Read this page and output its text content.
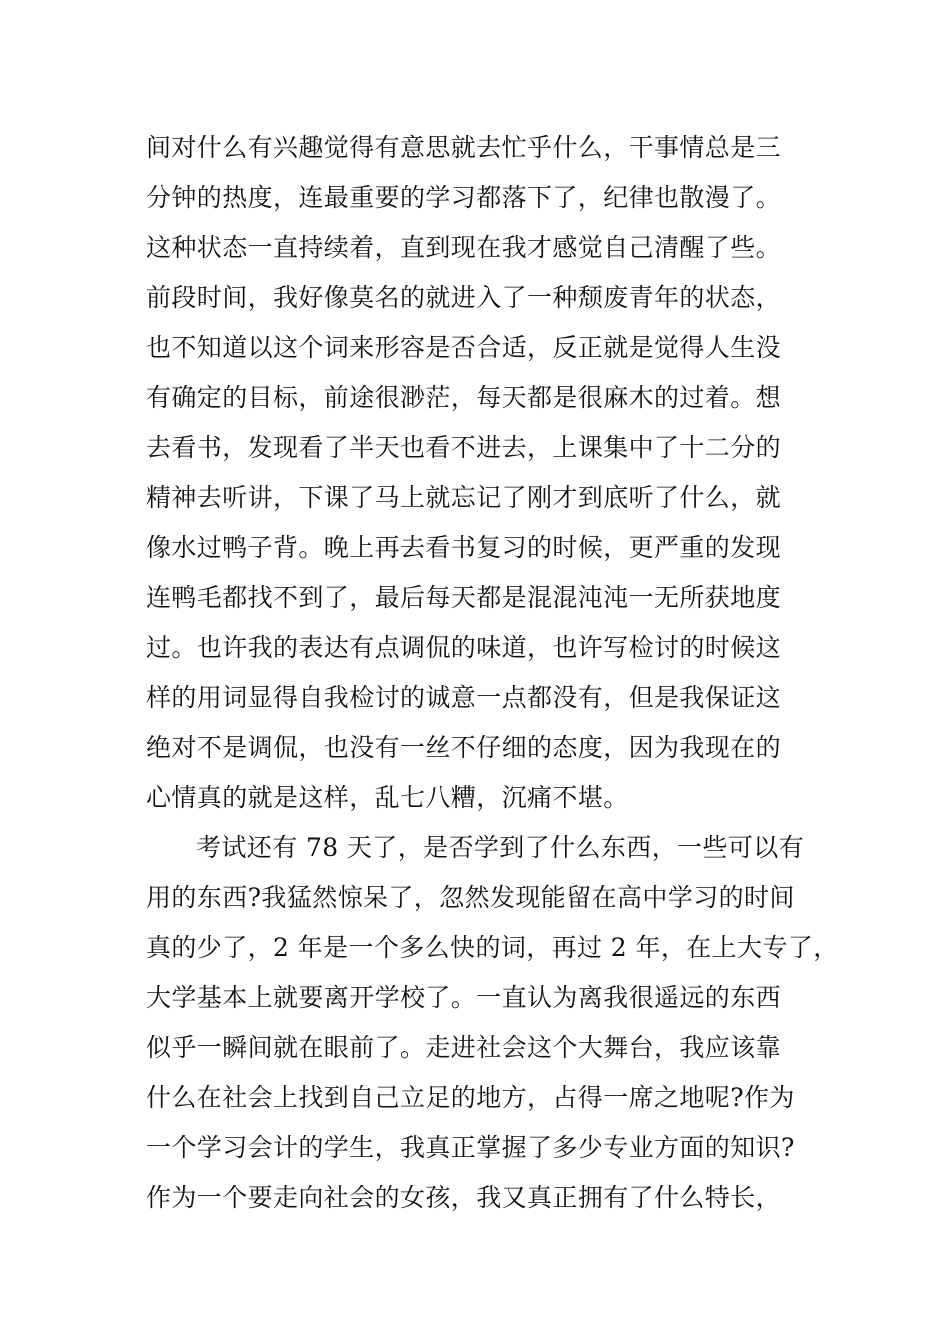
间对什么有兴趣觉得有意思就去忙乎什么，干事情总是三
分钟的热度，连最重要的学习都落下了，纪律也散漫了。
这种状态一直持续着，直到现在我才感觉自己清醒了些。
前段时间，我好像莫名的就进入了一种颓废青年的状态，
也不知道以这个词来形容是否合适，反正就是觉得人生没
有确定的目标，前途很渺茫，每天都是很麻木的过着。想
去看书，发现看了半天也看不进去，上课集中了十二分的
精神去听讲，下课了马上就忘记了刚才到底听了什么，就
像水过鸭子背。晚上再去看书复习的时候，更严重的发现
连鸭毛都找不到了，最后每天都是混混沌沌一无所获地度
过。也许我的表达有点调侃的味道，也许写检讨的时候这
样的用词显得自我检讨的诚意一点都没有，但是我保证这
绝对不是调侃，也没有一丝不仔细的态度，因为我现在的
心情真的就是这样，乱七八糟，沉痛不堪。
考试还有 78 天了，是否学到了什么东西，一些可以有
用的东西?我猛然惊呆了，忽然发现能留在高中学习的时间
真的少了，2 年是一个多么快的词，再过 2 年，在上大专了，
大学基本上就要离开学校了。一直认为离我很遥远的东西
似乎一瞬间就在眼前了。走进社会这个大舞台，我应该靠
什么在社会上找到自己立足的地方，占得一席之地呢?作为
一个学习会计的学生，我真正掌握了多少专业方面的知识?
作为一个要走向社会的女孩，我又真正拥有了什么特长，
